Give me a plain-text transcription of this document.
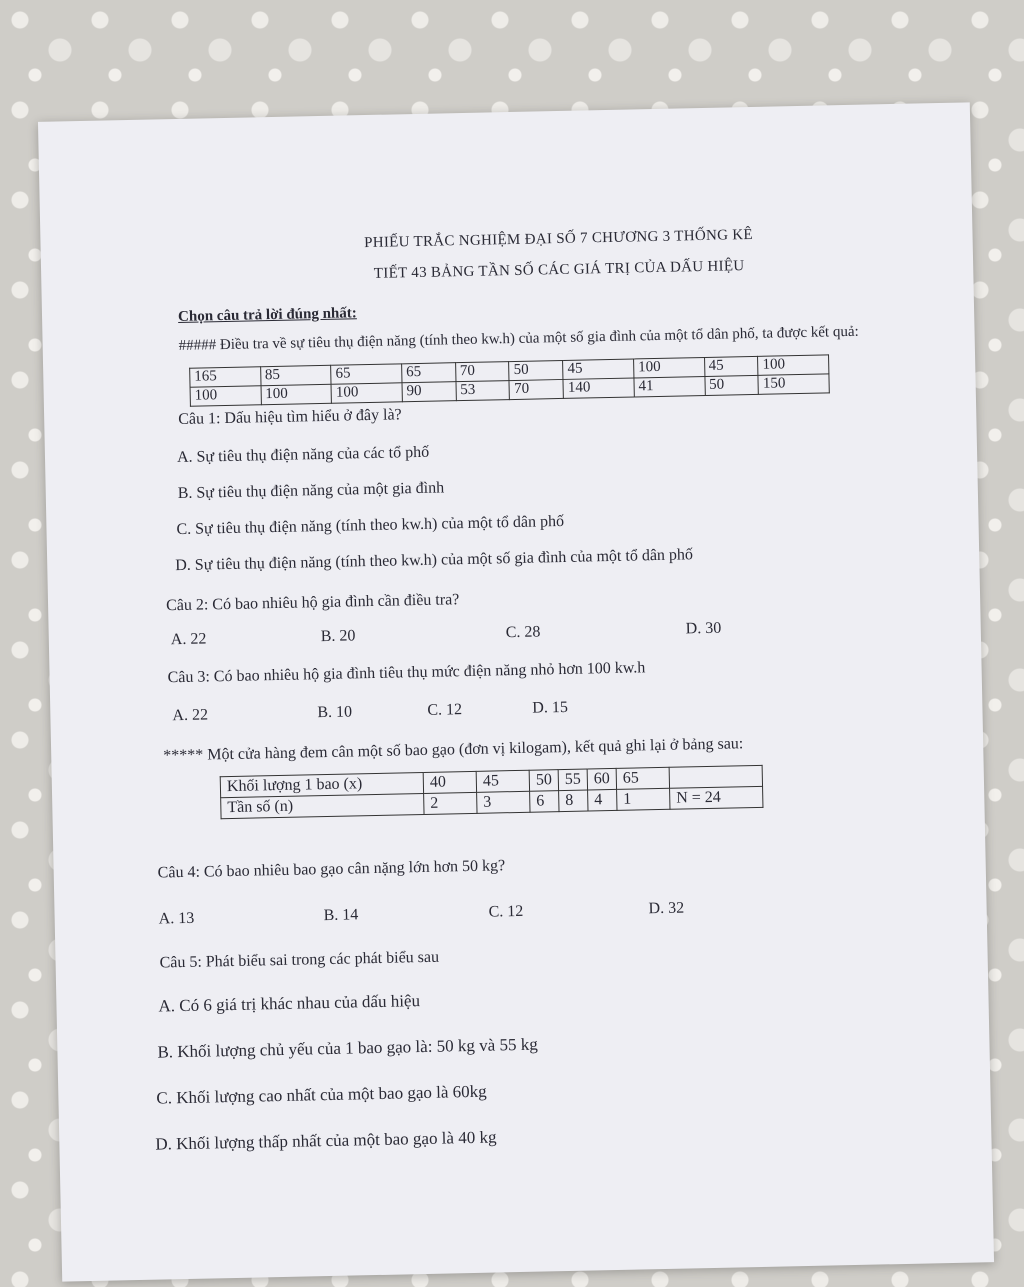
PHIẾU TRẮC NGHIỆM ĐẠI SỐ 7 CHƯƠNG 3 THỐNG KÊ
TIẾT 43 BẢNG TẦN SỐ CÁC GIÁ TRỊ CỦA DẤU HIỆU
Chọn câu trả lời đúng nhất:
##### Điều tra về sự tiêu thụ điện năng (tính theo kw.h) của một số gia đình của một tổ dân phố, ta được kết quả:
165	85	65	65	70	50	45	100	45	100
100	100	100	90	53	70	140	41	50	150
Câu 1: Dấu hiệu tìm hiểu ở đây là?
A. Sự tiêu thụ điện năng của các tổ phố
B. Sự tiêu thụ điện năng của một gia đình
C. Sự tiêu thụ điện năng (tính theo kw.h) của một tổ dân phố
D. Sự tiêu thụ điện năng (tính theo kw.h) của một số gia đình của một tổ dân phố
Câu 2: Có bao nhiêu hộ gia đình cần điều tra?
A. 22	B. 20	C. 28	D. 30
Câu 3: Có bao nhiêu hộ gia đình tiêu thụ mức điện năng nhỏ hơn 100 kw.h
A. 22	B. 10	C. 12	D. 15
***** Một cửa hàng đem cân một số bao gạo (đơn vị kilogam), kết quả ghi lại ở bảng sau:
Khối lượng 1 bao (x)	40	45	50	55	60	65	
Tần số (n)	2	3	6	8	4	1	N = 24
Câu 4: Có bao nhiêu bao gạo cân nặng lớn hơn 50 kg?
A. 13	B. 14	C. 12	D. 32
Câu 5: Phát biểu sai trong các phát biểu sau
A. Có 6 giá trị khác nhau của dấu hiệu
B. Khối lượng chủ yếu của 1 bao gạo là: 50 kg và 55 kg
C. Khối lượng cao nhất của một bao gạo là 60kg
D. Khối lượng thấp nhất của một bao gạo là 40 kg
